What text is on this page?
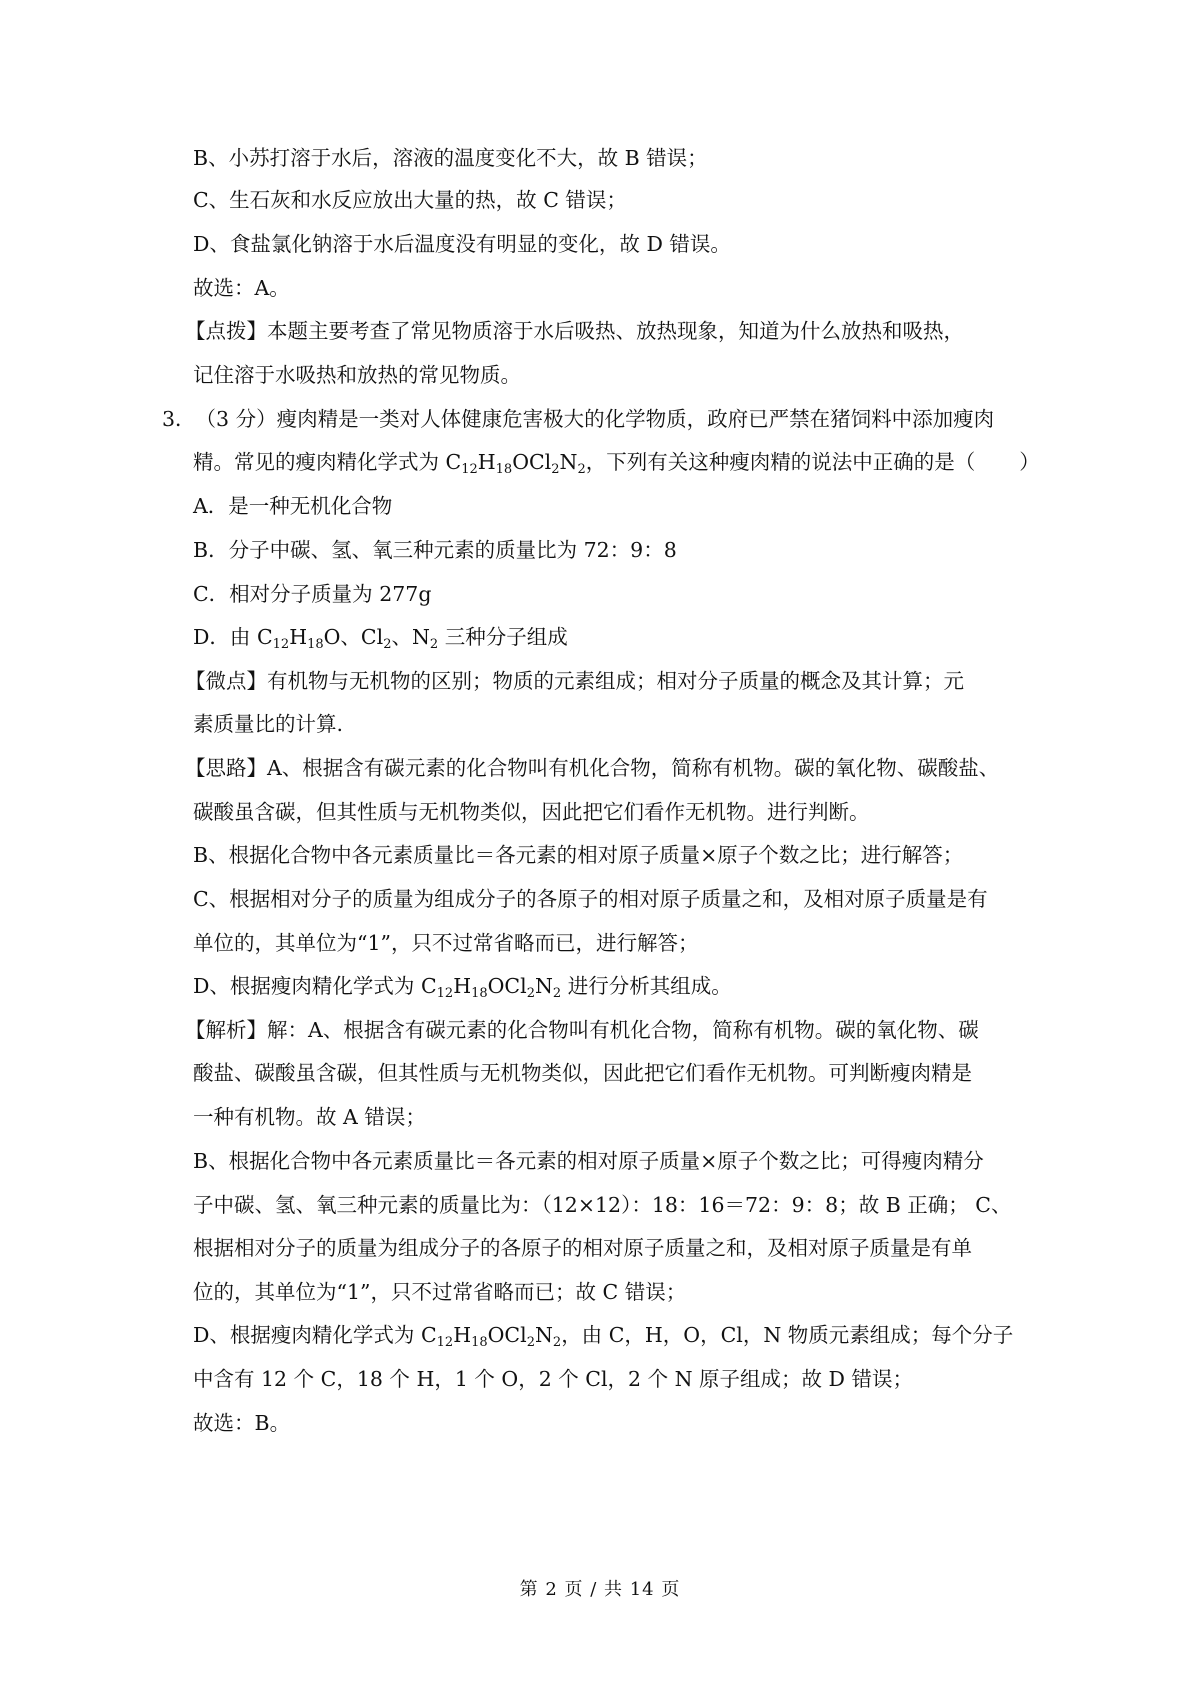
B、小苏打溶于水后，溶液的温度变化不大，故 B 错误；
C、生石灰和水反应放出大量的热，故 C 错误；
D、食盐氯化钠溶于水后温度没有明显的变化，故 D 错误。
故选：A。
【点拨】本题主要考查了常见物质溶于水后吸热、放热现象，知道为什么放热和吸热，
记住溶于水吸热和放热的常见物质。
3．（3 分）瘦肉精是一类对人体健康危害极大的化学物质，政府已严禁在猪饲料中添加瘦肉
精。常见的瘦肉精化学式为 $C_{12}H_{18}OCl_2N_2$，下列有关这种瘦肉精的说法中正确的是（ ）
A．是一种无机化合物
B．分子中碳、氢、氧三种元素的质量比为 72：9：8
C．相对分子质量为 277g
D．由 $C_{12}H_{18}O$、$Cl_2$、$N_2$ 三种分子组成
【微点】有机物与无机物的区别；物质的元素组成；相对分子质量的概念及其计算；元
素质量比的计算.
【思路】A、根据含有碳元素的化合物叫有机化合物，简称有机物。碳的氧化物、碳酸盐、
碳酸虽含碳，但其性质与无机物类似，因此把它们看作无机物。进行判断。
B、根据化合物中各元素质量比＝各元素的相对原子质量×原子个数之比；进行解答；
C、根据相对分子的质量为组成分子的各原子的相对原子质量之和，及相对原子质量是有
单位的，其单位为“1”，只不过常省略而已，进行解答；
D、根据瘦肉精化学式为 $C_{12}H_{18}OCl_2N_2$ 进行分析其组成。
【解析】解：A、根据含有碳元素的化合物叫有机化合物，简称有机物。碳的氧化物、碳
酸盐、碳酸虽含碳，但其性质与无机物类似，因此把它们看作无机物。可判断瘦肉精是
一种有机物。故 A 错误；
B、根据化合物中各元素质量比＝各元素的相对原子质量×原子个数之比；可得瘦肉精分
子中碳、氢、氧三种元素的质量比为：（12×12）：18：16＝72：9：8；故 B 正确； C、
根据相对分子的质量为组成分子的各原子的相对原子质量之和，及相对原子质量是有单
位的，其单位为“1”，只不过常省略而已；故 C 错误；
D、根据瘦肉精化学式为 $C_{12}H_{18}OCl_2N_2$，由 C，H，O，Cl，N 物质元素组成；每个分子
中含有 12 个 C，18 个 H，1 个 O，2 个 Cl，2 个 N 原子组成；故 D 错误；
故选：B。
第 2 页 / 共 14 页
